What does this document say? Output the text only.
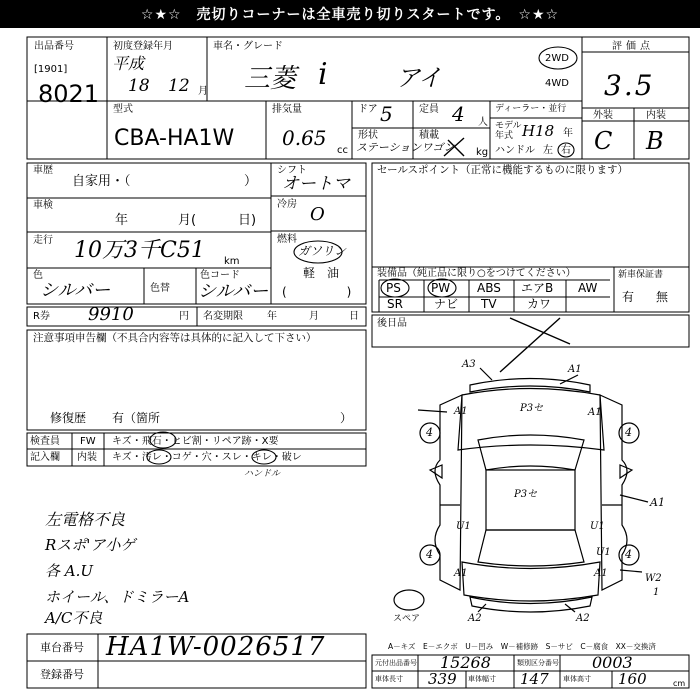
☆★☆　売切りコーナーは全車売り切りスタートです。　☆★☆
出品番号
[1901]
8021
初度登録年月
平成
18 12 月
車名・グレード
三菱 i	アイ
2WD
4WD
評価点
3.5
型式
CBA-HA1W
排気量
0.65
cc
ドア 5	定員 4 人
形状
ステーションワゴン
積載
kg
ディーラー・並行
モデル
年式 H18 年
ハンドル 左 右
外装	内装
C B
車歴
自家用・（	）
車検
年	月(	日)
走行 10万3千C51 km
色
シルバー	色替
色コード
シルバー
シフト
オートマ
冷房 O
燃料
ガソリン
軽　油
(　　　　　)
セールスポイント（正常に機能するものに限ります）
R券 9910	円 名変期限 年	月	日
装備品（純正品に限り○をつけてください）
PS	PW ABS エアB AW
SR	ナビ TV	カワ
新車保証書
有 無
後日品
注意事項申告欄（不具合内容等は具体的に記入して下さい）
修復歴 有（箇所	）
検査員
記入欄
FW キズ・飛石・ヒビ割・リペア跡・X要
内装 キズ・汚レ・コゲ・穴・スレ・キレ・破レ
ハンドル
左電格不良
Rスポ'ア小ゲ
各 A.U
ホイール、ドミラーA
A/C不良
A3	A1
A1	A1
P3セ
4	4
4	4
P3セ
A1
U1	U1
U1
A1	A1
A2	A2
W2
1
スペア
A－キズ　E－エクボ　U－凹み　W－補修跡　S－サビ　C－腐食　XX－交換済
車台番号 HA1W-0026517
登録番号
元付出品番号 15268	類別区分番号 0003
車体長寸 339 車体幅寸 147 車体高寸 160	cm
